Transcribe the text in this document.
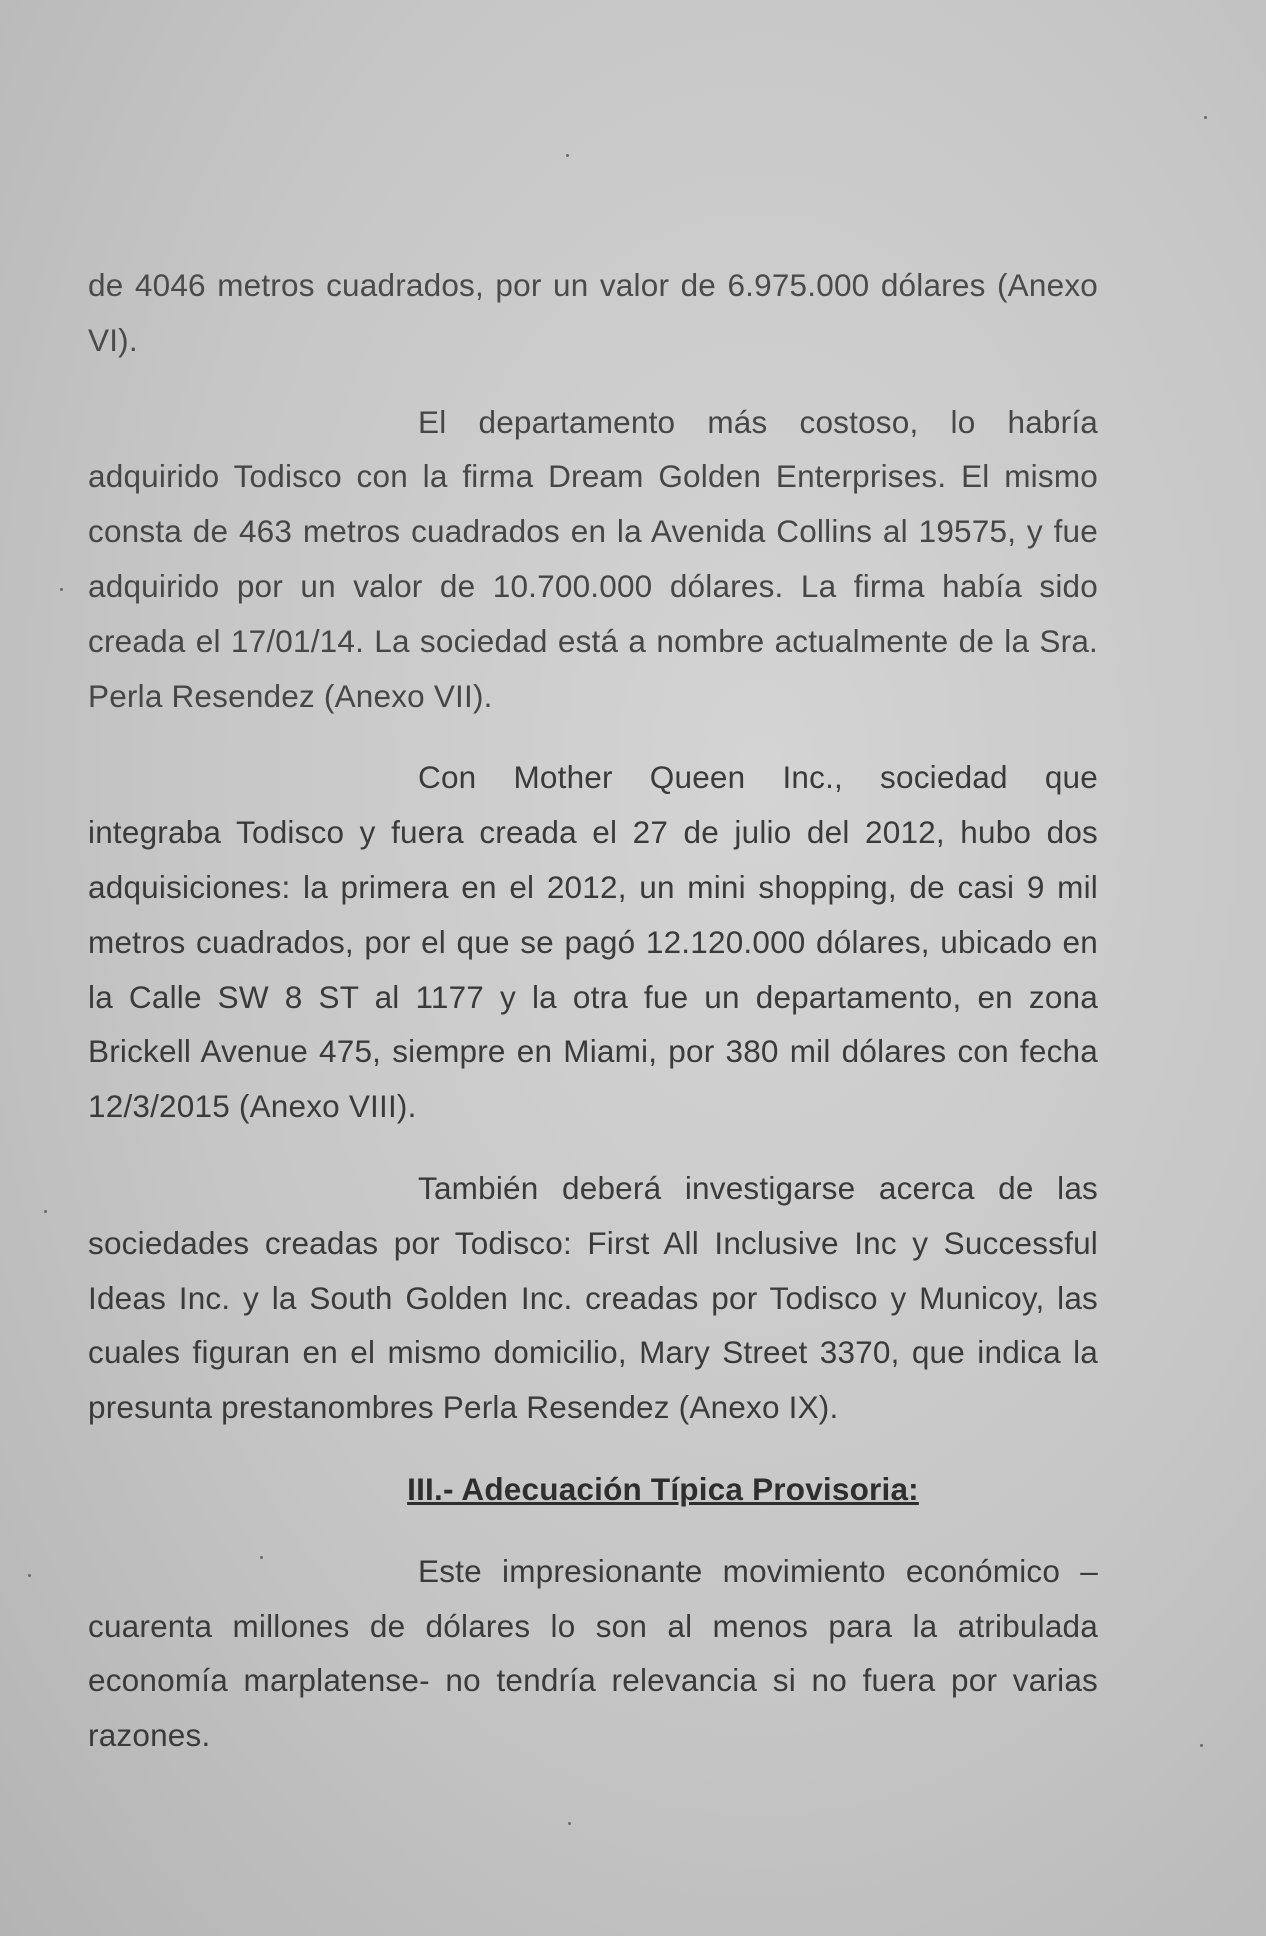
de 4046 metros cuadrados, por un valor de 6.975.000 dólares (Anexo VI).

El departamento más costoso, lo habría adquirido Todisco con la firma Dream Golden Enterprises. El mismo consta de 463 metros cuadrados en la Avenida Collins al 19575, y fue adquirido por un valor de 10.700.000 dólares. La firma había sido creada el 17/01/14. La sociedad está a nombre actualmente de la Sra. Perla Resendez (Anexo VII).

Con Mother Queen Inc., sociedad que integraba Todisco y fuera creada el 27 de julio del 2012, hubo dos adquisiciones: la primera en el 2012, un mini shopping, de casi 9 mil metros cuadrados, por el que se pagó 12.120.000 dólares, ubicado en la Calle SW 8 ST al 1177 y la otra fue un departamento, en zona Brickell Avenue 475, siempre en Miami, por 380 mil dólares con fecha 12/3/2015 (Anexo VIII).

También deberá investigarse acerca de las sociedades creadas por Todisco: First All Inclusive Inc y Successful Ideas Inc. y la South Golden Inc. creadas por Todisco y Municoy, las cuales figuran en el mismo domicilio, Mary Street 3370, que indica la presunta prestanombres Perla Resendez (Anexo IX).

III.- Adecuación Típica Provisoria:

Este impresionante movimiento económico – cuarenta millones de dólares lo son al menos para la atribulada economía marplatense- no tendría relevancia si no fuera por varias razones.
